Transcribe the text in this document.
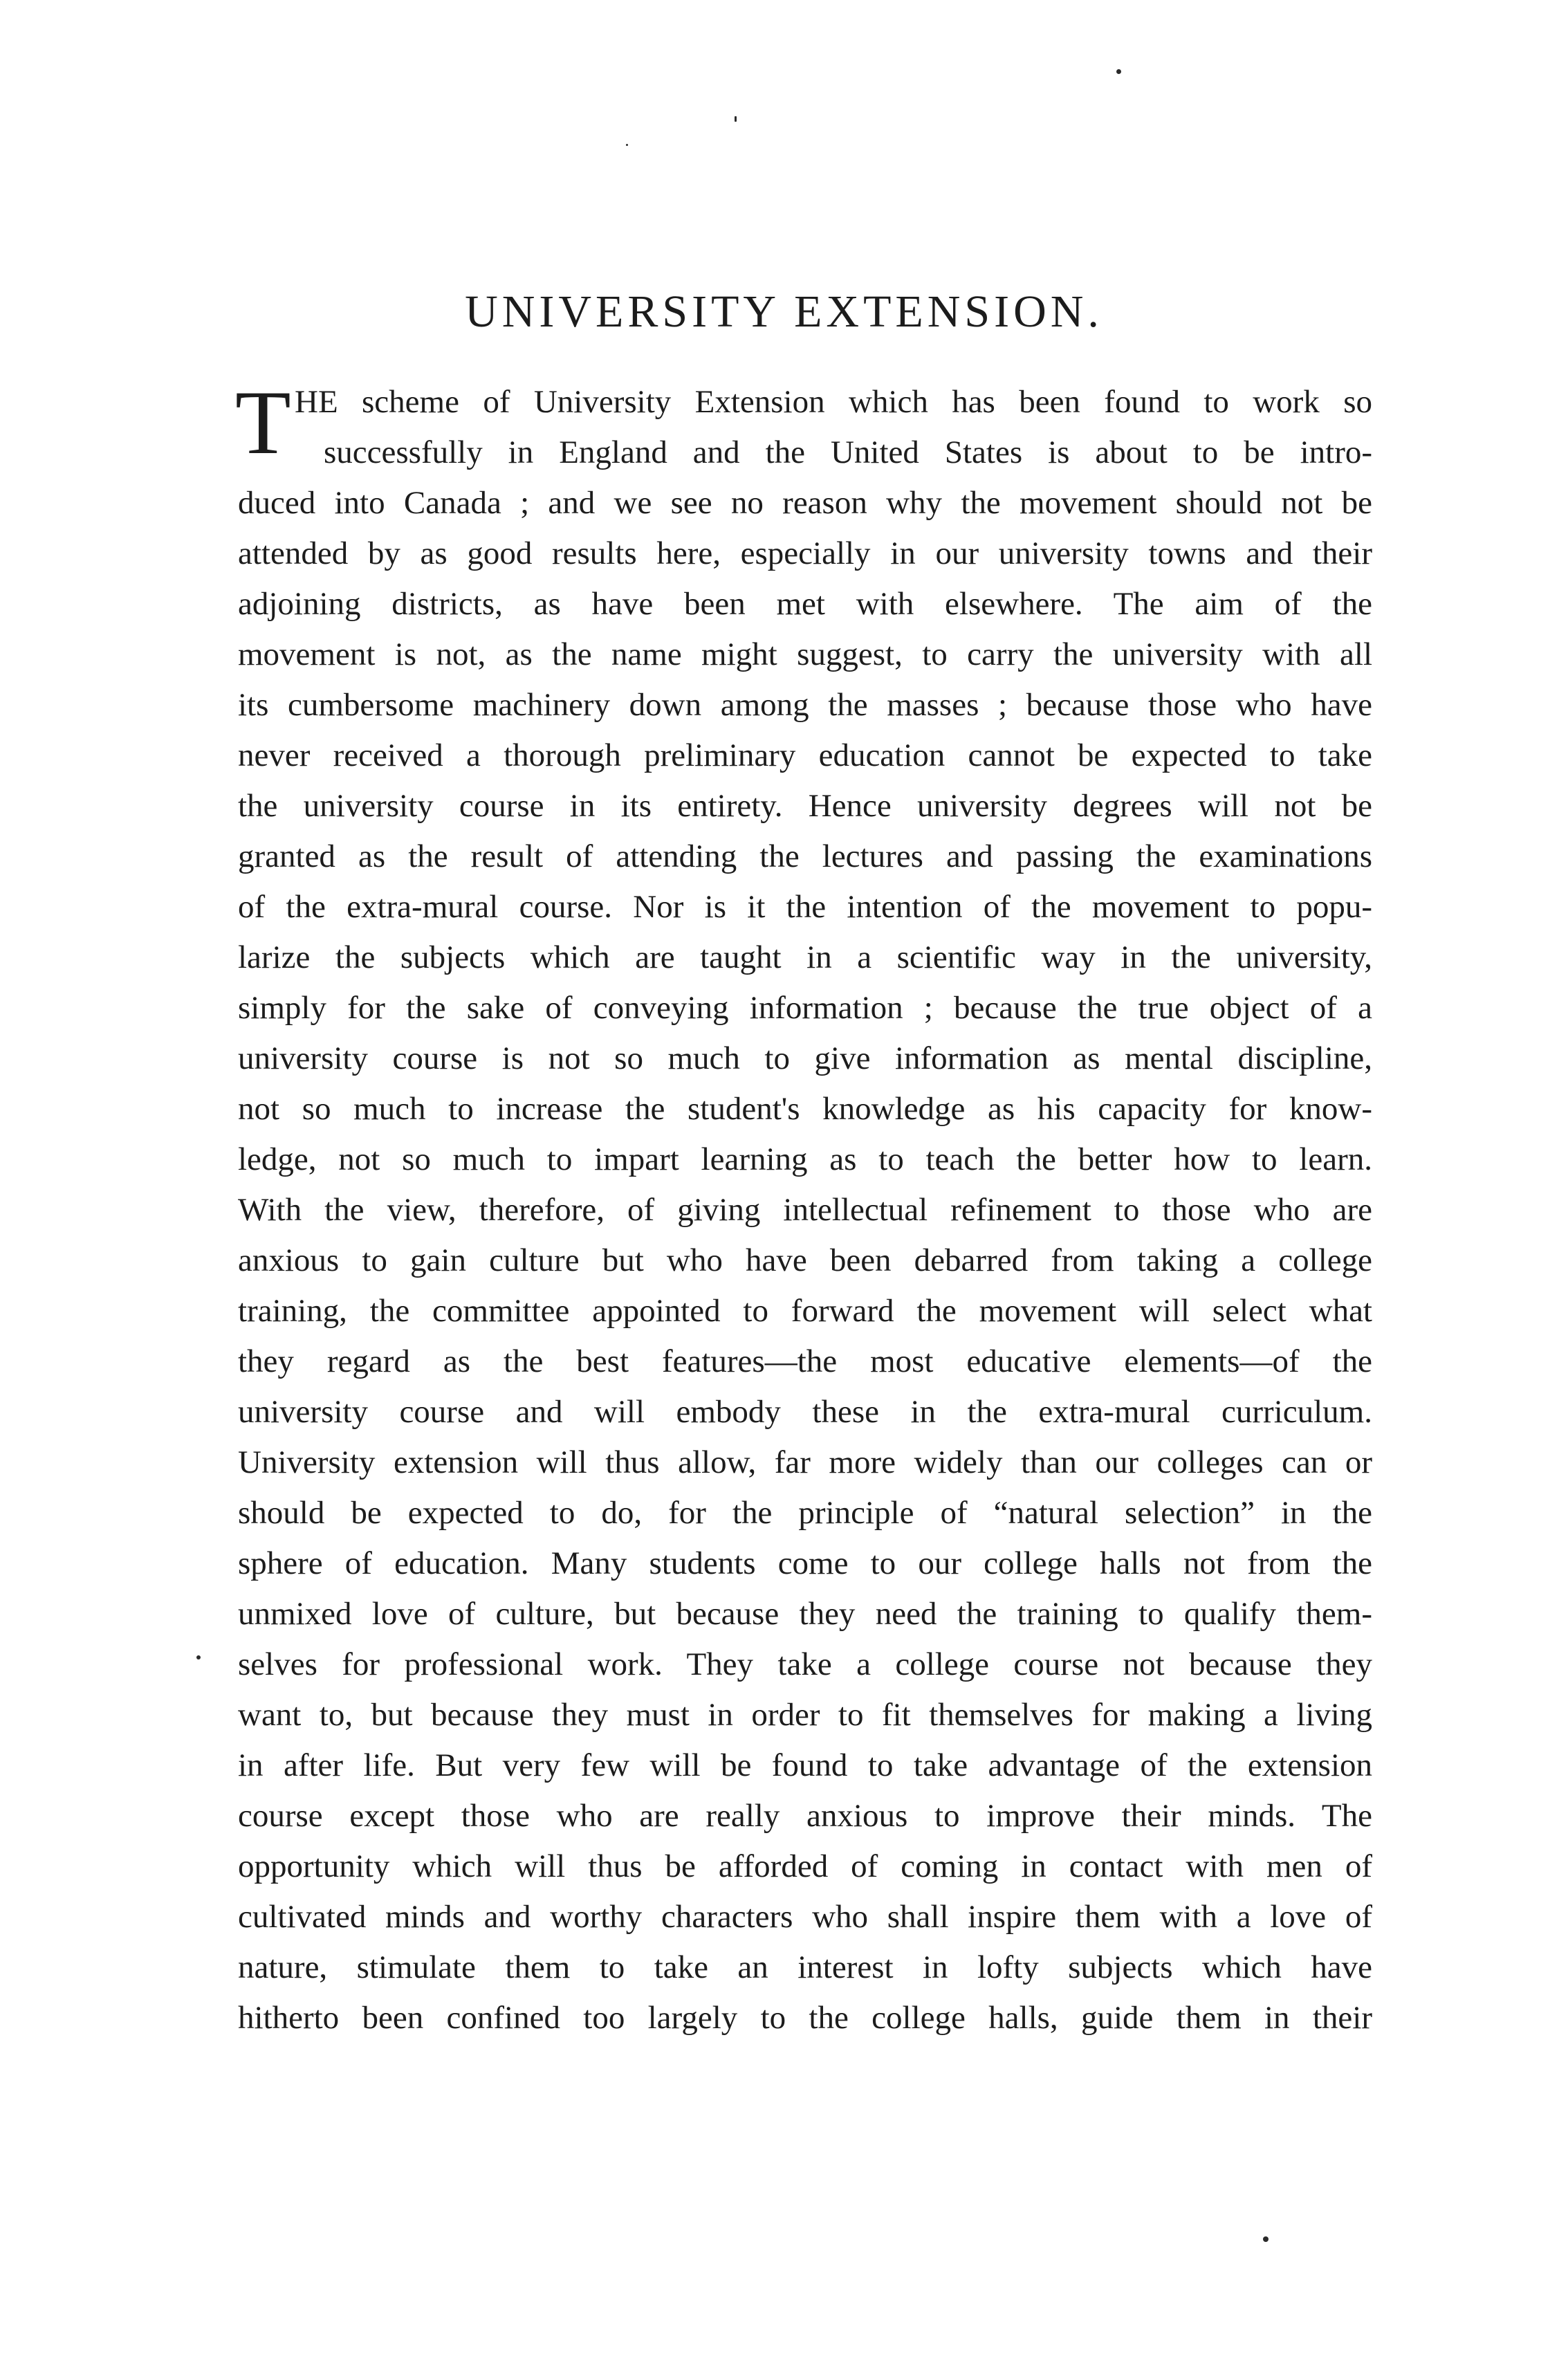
UNIVERSITY EXTENSION.
T HE scheme of University Extension which has been found to work so
successfully in England and the United States is about to be intro-
duced into Canada ; and we see no reason why the movement should not be
attended by as good results here, especially in our university towns and their
adjoining districts, as have been met with elsewhere. The aim of the
movement is not, as the name might suggest, to carry the university with all
its cumbersome machinery down among the masses ; because those who have
never received a thorough preliminary education cannot be expected to take
the university course in its entirety. Hence university degrees will not be
granted as the result of attending the lectures and passing the examinations
of the extra-mural course. Nor is it the intention of the movement to popu-
larize the subjects which are taught in a scientific way in the university,
simply for the sake of conveying information ; because the true object of a
university course is not so much to give information as mental discipline,
not so much to increase the student's knowledge as his capacity for know-
ledge, not so much to impart learning as to teach the better how to learn.
With the view, therefore, of giving intellectual refinement to those who are
anxious to gain culture but who have been debarred from taking a college
training, the committee appointed to forward the movement will select what
they regard as the best features—the most educative elements—of the
university course and will embody these in the extra-mural curriculum.
University extension will thus allow, far more widely than our colleges can or
should be expected to do, for the principle of “natural selection” in the
sphere of education. Many students come to our college halls not from the
unmixed love of culture, but because they need the training to qualify them-
selves for professional work. They take a college course not because they
want to, but because they must in order to fit themselves for making a living
in after life. But very few will be found to take advantage of the extension
course except those who are really anxious to improve their minds. The
opportunity which will thus be afforded of coming in contact with men of
cultivated minds and worthy characters who shall inspire them with a love of
nature, stimulate them to take an interest in lofty subjects which have
hitherto been confined too largely to the college halls, guide them in their
